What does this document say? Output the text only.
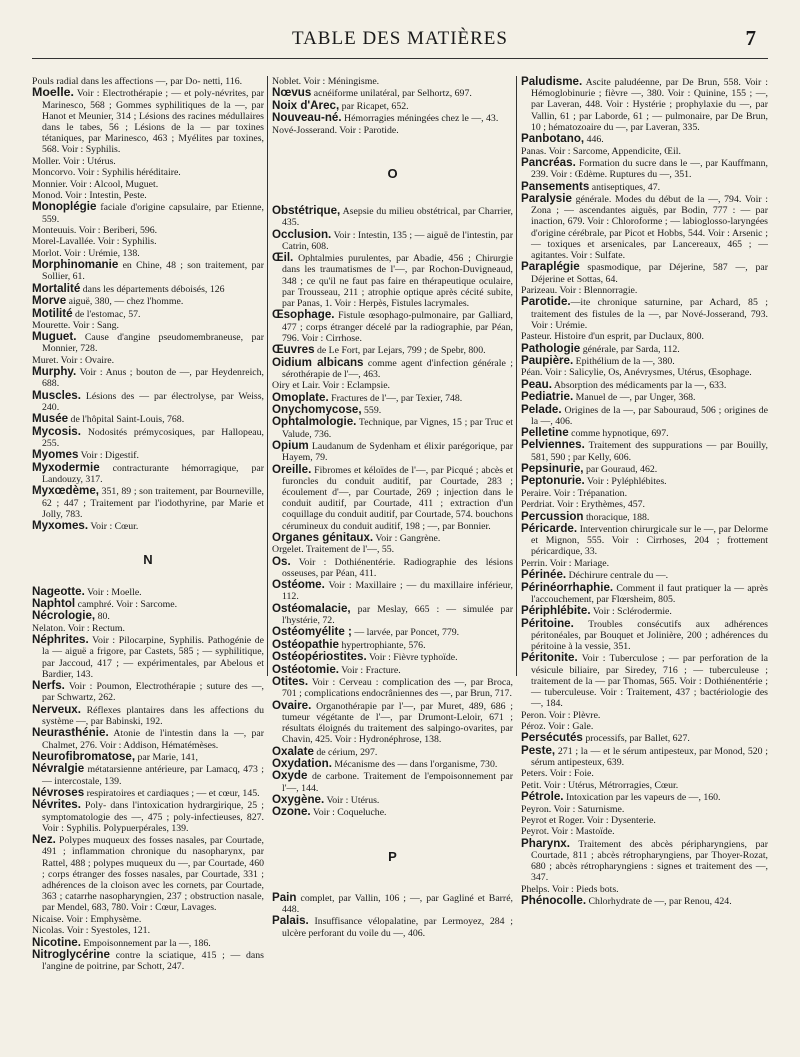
TABLE DES MATIÈRES	7
Pouls radial dans les affections —, par Do- netti, 116.
Moelle. Voir : Electrothérapie ; — et poly-névrites, par Marinesco, 568 ; Gommes syphilitiques de la —, par Hanot et Meunier, 314 ; Lésions des racines médullaires dans le tabes, 56 ; Lésions de la — par toxines tétaniques, par Marinesco, 463 ; Myélites par toxines, 568. Voir : Syphilis.
Moller. Voir : Utérus.
Moncorvo. Voir : Syphilis héréditaire.
Monnier. Voir : Alcool, Muguet.
Monod. Voir : Intestin, Peste.
Monoplégie faciale d'origine capsulaire, par Etienne, 559.
Monteuuis. Voir : Beriberi, 596.
Morel-Lavallée. Voir : Syphilis.
Morlot. Voir : Urémie, 138.
Morphinomanie en Chine, 48 ; son traitement, par Sollier, 61.
Mortalité dans les départements déboisés, 126
Morve aiguë, 380, — chez l'homme.
Motilité de l'estomac, 57.
Mourette. Voir : Sang.
Muguet. Cause d'angine pseudomembraneuse, par Monnier, 728.
Muret. Voir : Ovaire.
Murphy. Voir : Anus ; bouton de —, par Heydenreich, 688.
Muscles. Lésions des — par électrolyse, par Weiss, 240.
Musée de l'hôpital Saint-Louis, 768.
Mycosis. Nodosités prémycosiques, par Hallopeau, 255.
Myomes Voir : Digestif.
Myxodermie contracturante hémorragique, par Landouzy, 317.
Myxœdème, 351, 89 ; son traitement, par Bourneville, 62 ; 447 ; Traitement par l'iodothyrine, par Marie et Jolly, 783.
Myxomes. Voir : Cœur.
N
Nageotte. Voir : Moelle.
Naphtol camphré. Voir : Sarcome.
Nécrologie, 80.
Nelaton. Voir : Rectum.
Néphrites. Voir : Pilocarpine, Syphilis. Pathogénie de la — aiguë a frigore, par Castets, 585 ; — syphilitique, par Jaccoud, 417 ; — expérimentales, par Abelous et Bardier, 143.
Nerfs. Voir : Poumon, Electrothérapie ; suture des —, par Schwartz, 262.
Nerveux. Réflexes plantaires dans les affections du système —, par Babinski, 192.
Neurasthénie. Atonie de l'intestin dans la —, par Chalmet, 276. Voir : Addison, Hématémèses.
Neurofibromatose, par Marie, 141,
Névralgie métatarsienne antérieure, par Lamacq, 473 ; — intercostale, 139.
Névroses respiratoires et cardiaques ; — et cœur, 145.
Névrites. Poly- dans l'intoxication hydrargirique, 25 ; symptomatologie des —, 475 ; poly-infectieuses, 827. Voir : Syphilis. Polypuerpérales, 139.
Nez. Polypes muqueux des fosses nasales, par Courtade, 491 ; inflammation chronique du nasopharynx, par Rattel, 488 ; polypes muqueux du —, par Courtade, 460 ; corps étranger des fosses nasales, par Courtade, 331 ; adhérences de la cloison avec les cornets, par Courtade, 363 ; catarrhe nasopharyngien, 237 ; obstruction nasale, par Mendel, 683, 780. Voir : Cœur, Lavages.
Nicaise. Voir : Emphysème.
Nicolas. Voir : Syestoles, 121.
Nicotine. Empoisonnement par la —, 186.
Nitroglycérine contre la sciatique, 415 ; — dans l'angine de poitrine, par Schott, 247.
Noblet. Voir : Méningisme.
Nœvus acnéiforme unilatéral, par Selhortz, 697.
Noix d'Arec, par Ricapet, 652.
Nouveau-né. Hémorragies méningées chez le —, 43.
Nové-Josserand. Voir : Parotide.
O
Obstétrique, Asepsie du milieu obstétrical, par Charrier, 435.
Occlusion. Voir : Intestin, 135 ; — aiguë de l'intestin, par Catrin, 608.
Œil. Ophtalmies purulentes, par Abadie, 456 ; Chirurgie dans les traumatismes de l'—, par Rochon-Duvigneaud, 348 ; ce qu'il ne faut pas faire en thérapeutique oculaire, par Trousseau, 211 ; atrophie optique après cécité subite, par Panas, 1. Voir : Herpès, Fistules lacrymales.
Œsophage. Fistule œsophago-pulmonaire, par Galliard, 477 ; corps étranger décelé par la radiographie, par Péan, 796. Voir : Cirrhose.
Œuvres de Le Fort, par Lejars, 799 ; de Spebr, 800.
Oidium albicans comme agent d'infection générale ; sérothérapie de l'—, 463.
Oiry et Lair. Voir : Eclampsie.
Omoplate. Fractures de l'—, par Texier, 748.
Onychomycose, 559.
Ophtalmologie. Technique, par Vignes, 15 ; par Truc et Valude, 736.
Opium Laudanum de Sydenham et élixir parégorique, par Hayem, 79.
Oreille. Fibromes et kéloïdes de l'—, par Picqué ; abcès et furoncles du conduit auditif, par Courtade, 283 ; écoulement d'—, par Courtade, 269 ; injection dans le conduit auditif, par Courtade, 411 ; extraction d'un coquillage du conduit auditif, par Courtade, 574. bouchons cérumineux du conduit auditif, 198 ; —, par Bonnier.
Organes génitaux. Voir : Gangrène.
Orgelet. Traitement de l'—, 55.
Os. Voir : Dothiénentérie. Radiographie des lésions osseuses, par Péan, 411.
Ostéome. Voir : Maxillaire ; — du maxillaire inférieur, 112.
Ostéomalacie, par Meslay, 665 : — simulée par l'hystérie, 72.
Ostéomyélite ; — larvée, par Poncet, 779.
Ostéopathie hypertrophiante, 576.
Ostéopériostites. Voir : Fièvre typhoïde.
Ostéotomie. Voir : Fracture.
Otites. Voir : Cerveau : complication des —, par Broca, 701 ; complications endocrâniennes des —, par Brun, 717.
Ovaire. Organothérapie par l'—, par Muret, 489, 686 ; tumeur végétante de l'—, par Drumont-Leloir, 671 ; résultats éloignés du traitement des salpingo-ovarites, par Chavin, 425. Voir : Hydronéphrose, 138.
Oxalate de cérium, 297.
Oxydation. Mécanisme des — dans l'organisme, 730.
Oxyde de carbone. Traitement de l'empoisonnement par l'—, 144.
Oxygène. Voir : Utérus.
Ozone. Voir : Coqueluche.
P
Pain complet, par Vallin, 106 ; —, par Gagliné et Barré, 448.
Palais. Insuffisance vélopalatine, par Lermoyez, 284 ; ulcère perforant du voile du —, 406.
Paludisme. Ascite paludéenne, par De Brun, 558. Voir : Hémoglobinurie ; fièvre —, 380. Voir : Quinine, 155 ; —, par Laveran, 448. Voir : Hystérie ; prophylaxie du —, par Vallin, 61 ; par Laborde, 61 ; — pulmonaire, par De Brun, 10 ; hématozoaire du —, par Laveran, 335.
Panbotano, 446.
Panas. Voir : Sarcome, Appendicite, Œil.
Pancréas. Formation du sucre dans le —, par Kauffmann, 239. Voir : Œdème. Ruptures du —, 351.
Pansements antiseptiques, 47.
Paralysie générale. Modes du début de la —, 794. Voir : Zona ; — ascendantes aiguës, par Bodin, 777 : — par inaction, 679. Voir : Chloroforme ; — labioglosso-laryngées d'origine cérébrale, par Picot et Hobbs, 544. Voir : Arsenic ; — toxiques et arsenicales, par Lancereaux, 465 ; — agitantes. Voir : Sulfate.
Paraplégie spasmodique, par Déjerine, 587 —, par Déjerine et Sottas, 64.
Parizeau. Voir : Blennorragie.
Parotide.—ite chronique saturnine, par Achard, 85 ; traitement des fistules de la —, par Nové-Josserand, 793. Voir : Urémie.
Pasteur. Histoire d'un esprit, par Duclaux, 800.
Pathologie générale, par Sarda, 112.
Paupière. Epithélium de la —, 380.
Péan. Voir : Salicylie, Os, Anévrysmes, Utérus, Œsophage.
Peau. Absorption des médicaments par la —, 633.
Pediatrie. Manuel de —, par Unger, 368.
Pelade. Origines de la —, par Sabouraud, 506 ; origines de la —, 406.
Pelletine comme hypnotique, 697.
Pelviennes. Traitement des suppurations — par Bouilly, 581, 590 ; par Kelly, 606.
Pepsinurie, par Gouraud, 462.
Peptonurie. Voir : Pyléphlébites.
Peraire. Voir : Trépanation.
Perdriat. Voir : Erythèmes, 457.
Percussion thoracique, 188.
Péricarde. Intervention chirurgicale sur le —, par Delorme et Mignon, 555. Voir : Cirrhoses, 204 ; frottement péricardique, 33.
Perrin. Voir : Mariage.
Périnée. Déchirure centrale du —.
Périnéorrhaphie. Comment il faut pratiquer la — après l'accouchement, par Flœrsheim, 805.
Périphlébite. Voir : Sclérodermie.
Péritoine. Troubles consécutifs aux adhérences péritonéales, par Bouquet et Jolinière, 200 ; adhérences du péritoine à la vessie, 351.
Péritonite. Voir : Tuberculose ; — par perforation de la vésicule biliaire, par Siredey, 716 ; — tuberculeuse ; traitement de la — par Thomas, 565. Voir : Dothiénentérie ; — tuberculeuse. Voir : Traitement, 437 ; bactériologie des —, 184.
Peron. Voir : Plèvre.
Péroz. Voir : Gale.
Persécutés processifs, par Ballet, 627.
Peste, 271 ; la — et le sérum antipesteux, par Monod, 520 ; sérum antipesteux, 639.
Peters. Voir : Foie.
Petit. Voir : Utérus, Métrorragies, Cœur.
Pétrole. Intoxication par les vapeurs de —, 160.
Peyron. Voir : Saturnisme.
Peyrot et Roger. Voir : Dysenterie.
Peyrot. Voir : Mastoïde.
Pharynx. Traitement des abcès péripharyngiens, par Courtade, 811 ; abcès rétropharyngiens, par Thoyer-Rozat, 680 ; abcès rétropharyngiens : signes et traitement des —, 347.
Phelps. Voir : Pieds bots.
Phénocolle. Chlorhydrate de —, par Renou, 424.
